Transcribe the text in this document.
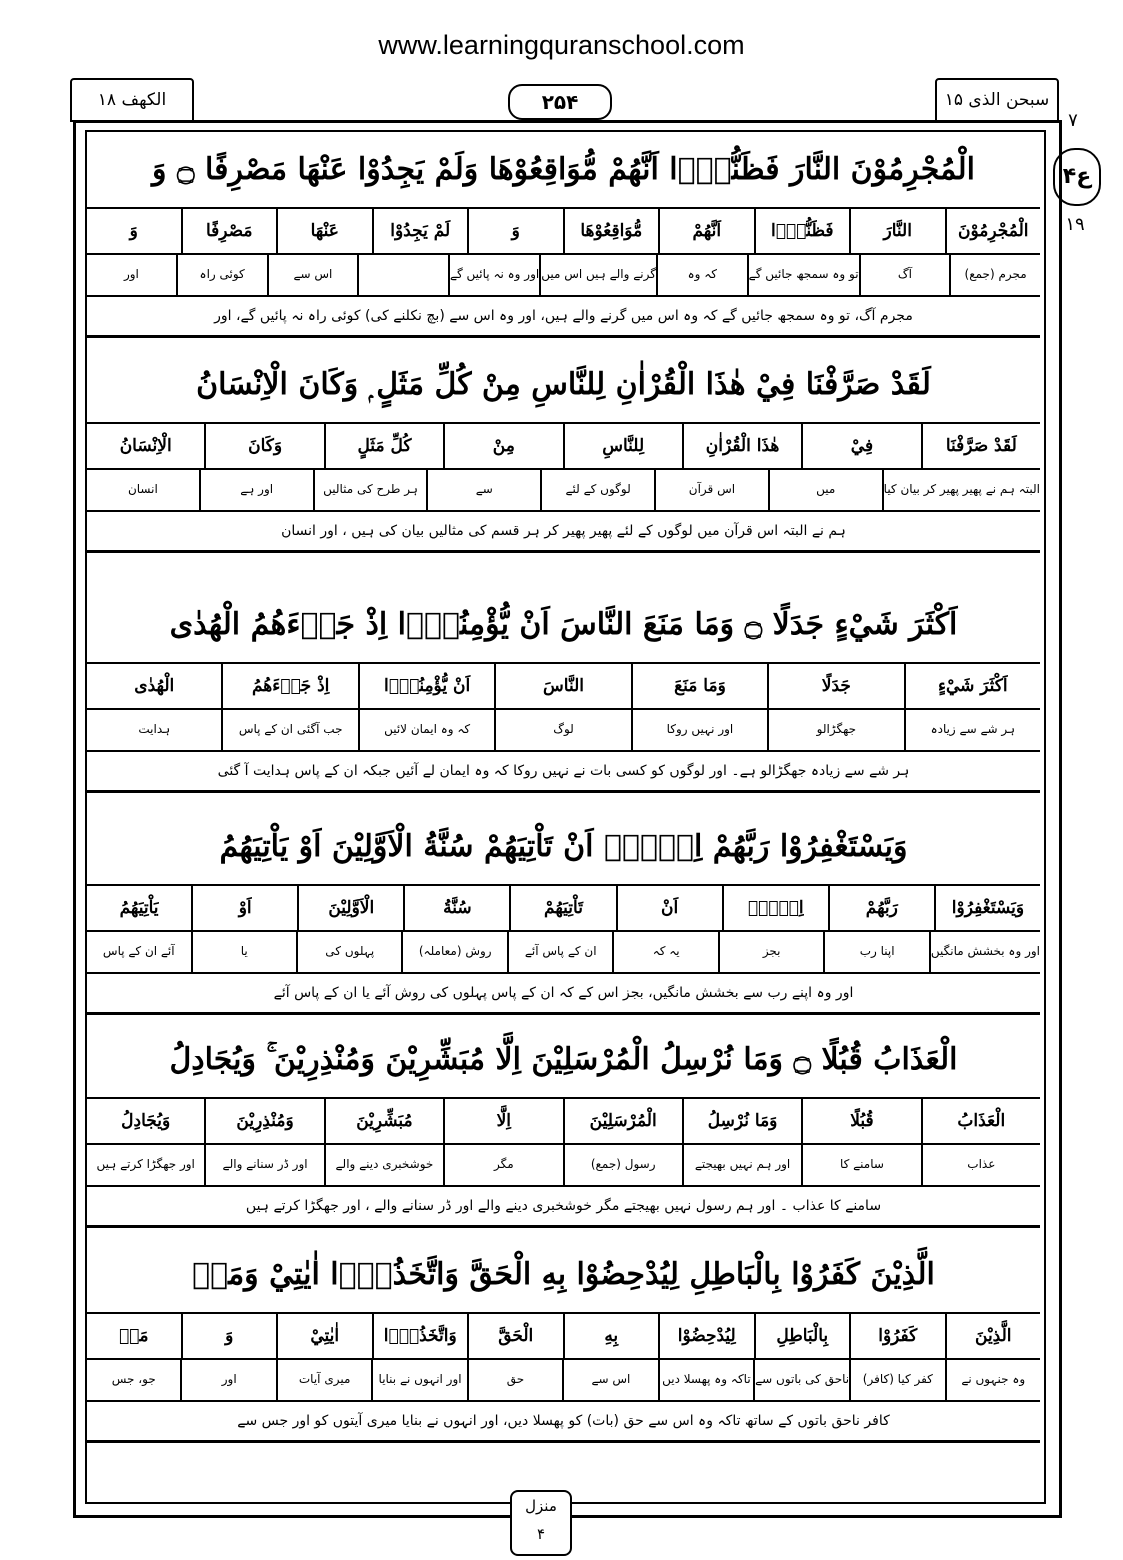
www.learningquranschool.com
الکھف ۱۸	۲۵۴	سبحن الذی ۱۵
۷
ع۴
۱۹
الْمُجْرِمُوْنَ النَّارَ فَظَنُّوْۤا اَنَّهُمْ مُّوَاقِعُوْهَا وَلَمْ يَجِدُوْا عَنْهَا مَصْرِفًا ۝ وَ
الْمُجْرِمُوْنَ
النَّارَ
فَظَنُّوْۤا
اَنَّهُمْ
مُّوَاقِعُوْهَا
وَ
لَمْ يَجِدُوْا
عَنْهَا
مَصْرِفًا
وَ
مجرم (جمع)
آگ
تو وہ سمجھ جائیں گے
کہ وہ
گرنے والے ہیں اس میں
اور وہ نہ پائیں گے
اس سے
کوئی راہ
اور
مجرم آگ، تو وہ سمجھ جائیں گے کہ وہ اس میں گرنے والے ہیں، اور وہ اس سے (بچ نکلنے کی) کوئی راہ نہ پائیں گے، اور
لَقَدْ صَرَّفْنَا فِيْ هٰذَا الْقُرْاٰنِ لِلنَّاسِ مِنْ كُلِّ مَثَلٍ ۭ وَكَانَ الْاِنْسَانُ
لَقَدْ صَرَّفْنَا
فِيْ
هٰذَا الْقُرْاٰنِ
لِلنَّاسِ
مِنْ
كُلِّ مَثَلٍ
وَكَانَ
الْاِنْسَانُ
البتہ ہم نے پھیر پھیر کر بیان کیا
میں
اس قرآن
لوگوں کے لئے
سے
ہر طرح کی مثالیں
اور ہے
انسان
ہم نے البتہ اس قرآن میں لوگوں کے لئے پھیر پھیر کر ہر قسم کی مثالیں بیان کی ہیں ، اور انسان
اَكْثَرَ شَيْءٍ جَدَلًا ۝ وَمَا مَنَعَ النَّاسَ اَنْ يُّؤْمِنُوْۤا اِذْ جَاۗءَهُمُ الْهُدٰى
اَكْثَرَ شَيْءٍ
جَدَلًا
وَمَا مَنَعَ
النَّاسَ
اَنْ يُّؤْمِنُوْۤا
اِذْ جَاۗءَهُمُ
الْهُدٰى
ہر شے سے زیادہ
جھگڑالو
اور نہیں روکا
لوگ
کہ وہ ایمان لائیں
جب آگئی ان کے پاس
ہدایت
ہر شے سے زیادہ جھگڑالو ہے۔ اور لوگوں کو کسی بات نے نہیں روکا کہ وہ ایمان لے آئیں جبکہ ان کے پاس ہدایت آ گئی
وَيَسْتَغْفِرُوْا رَبَّهُمْ اِلَّاۤ اَنْ تَاْتِيَهُمْ سُنَّةُ الْاَوَّلِيْنَ اَوْ يَاْتِيَهُمُ
وَيَسْتَغْفِرُوْا
رَبَّهُمْ
اِلَّاۤ
اَنْ
تَاْتِيَهُمْ
سُنَّةُ
الْاَوَّلِيْنَ
اَوْ
يَاْتِيَهُمُ
اور وہ بخشش مانگیں
اپنا رب
بجز
یہ کہ
ان کے پاس آئے
روش (معاملہ)
پہلوں کی
یا
آئے ان کے پاس
اور وہ اپنے رب سے بخشش مانگیں، بجز اس کے کہ ان کے پاس پہلوں کی روش آئے یا ان کے پاس آئے
الْعَذَابُ قُبُلًا ۝ وَمَا نُرْسِلُ الْمُرْسَلِيْنَ اِلَّا مُبَشِّرِيْنَ وَمُنْذِرِيْنَ ۚ وَيُجَادِلُ
الْعَذَابُ
قُبُلًا
وَمَا نُرْسِلُ
الْمُرْسَلِيْنَ
اِلَّا
مُبَشِّرِيْنَ
وَمُنْذِرِيْنَ
وَيُجَادِلُ
عذاب
سامنے کا
اور ہم نہیں بھیجتے
رسول (جمع)
مگر
خوشخبری دینے والے
اور ڈر سنانے والے
اور جھگڑا کرتے ہیں
سامنے کا عذاب ۔ اور ہم رسول نہیں بھیجتے مگر خوشخبری دینے والے اور ڈر سنانے والے ، اور جھگڑا کرتے ہیں
الَّذِيْنَ كَفَرُوْا بِالْبَاطِلِ لِيُدْحِضُوْا بِهِ الْحَقَّ وَاتَّخَذُوْۤا اٰيٰتِيْ وَمَاۤ
الَّذِيْنَ
كَفَرُوْا
بِالْبَاطِلِ
لِيُدْحِضُوْا
بِهِ
الْحَقَّ
وَاتَّخَذُوْۤا
اٰيٰتِيْ
وَ
مَاۤ
وہ جنہوں نے
کفر کیا (کافر)
ناحق کی باتوں سے
تاکہ وہ پھسلا دیں
اس سے
حق
اور انہوں نے بنایا
میری آیات
اور
جو، جس
کافر ناحق باتوں کے ساتھ تاکہ وہ اس سے حق (بات) کو پھسلا دیں، اور انہوں نے بنایا میری آیتوں کو اور جس سے
منزل
۴
